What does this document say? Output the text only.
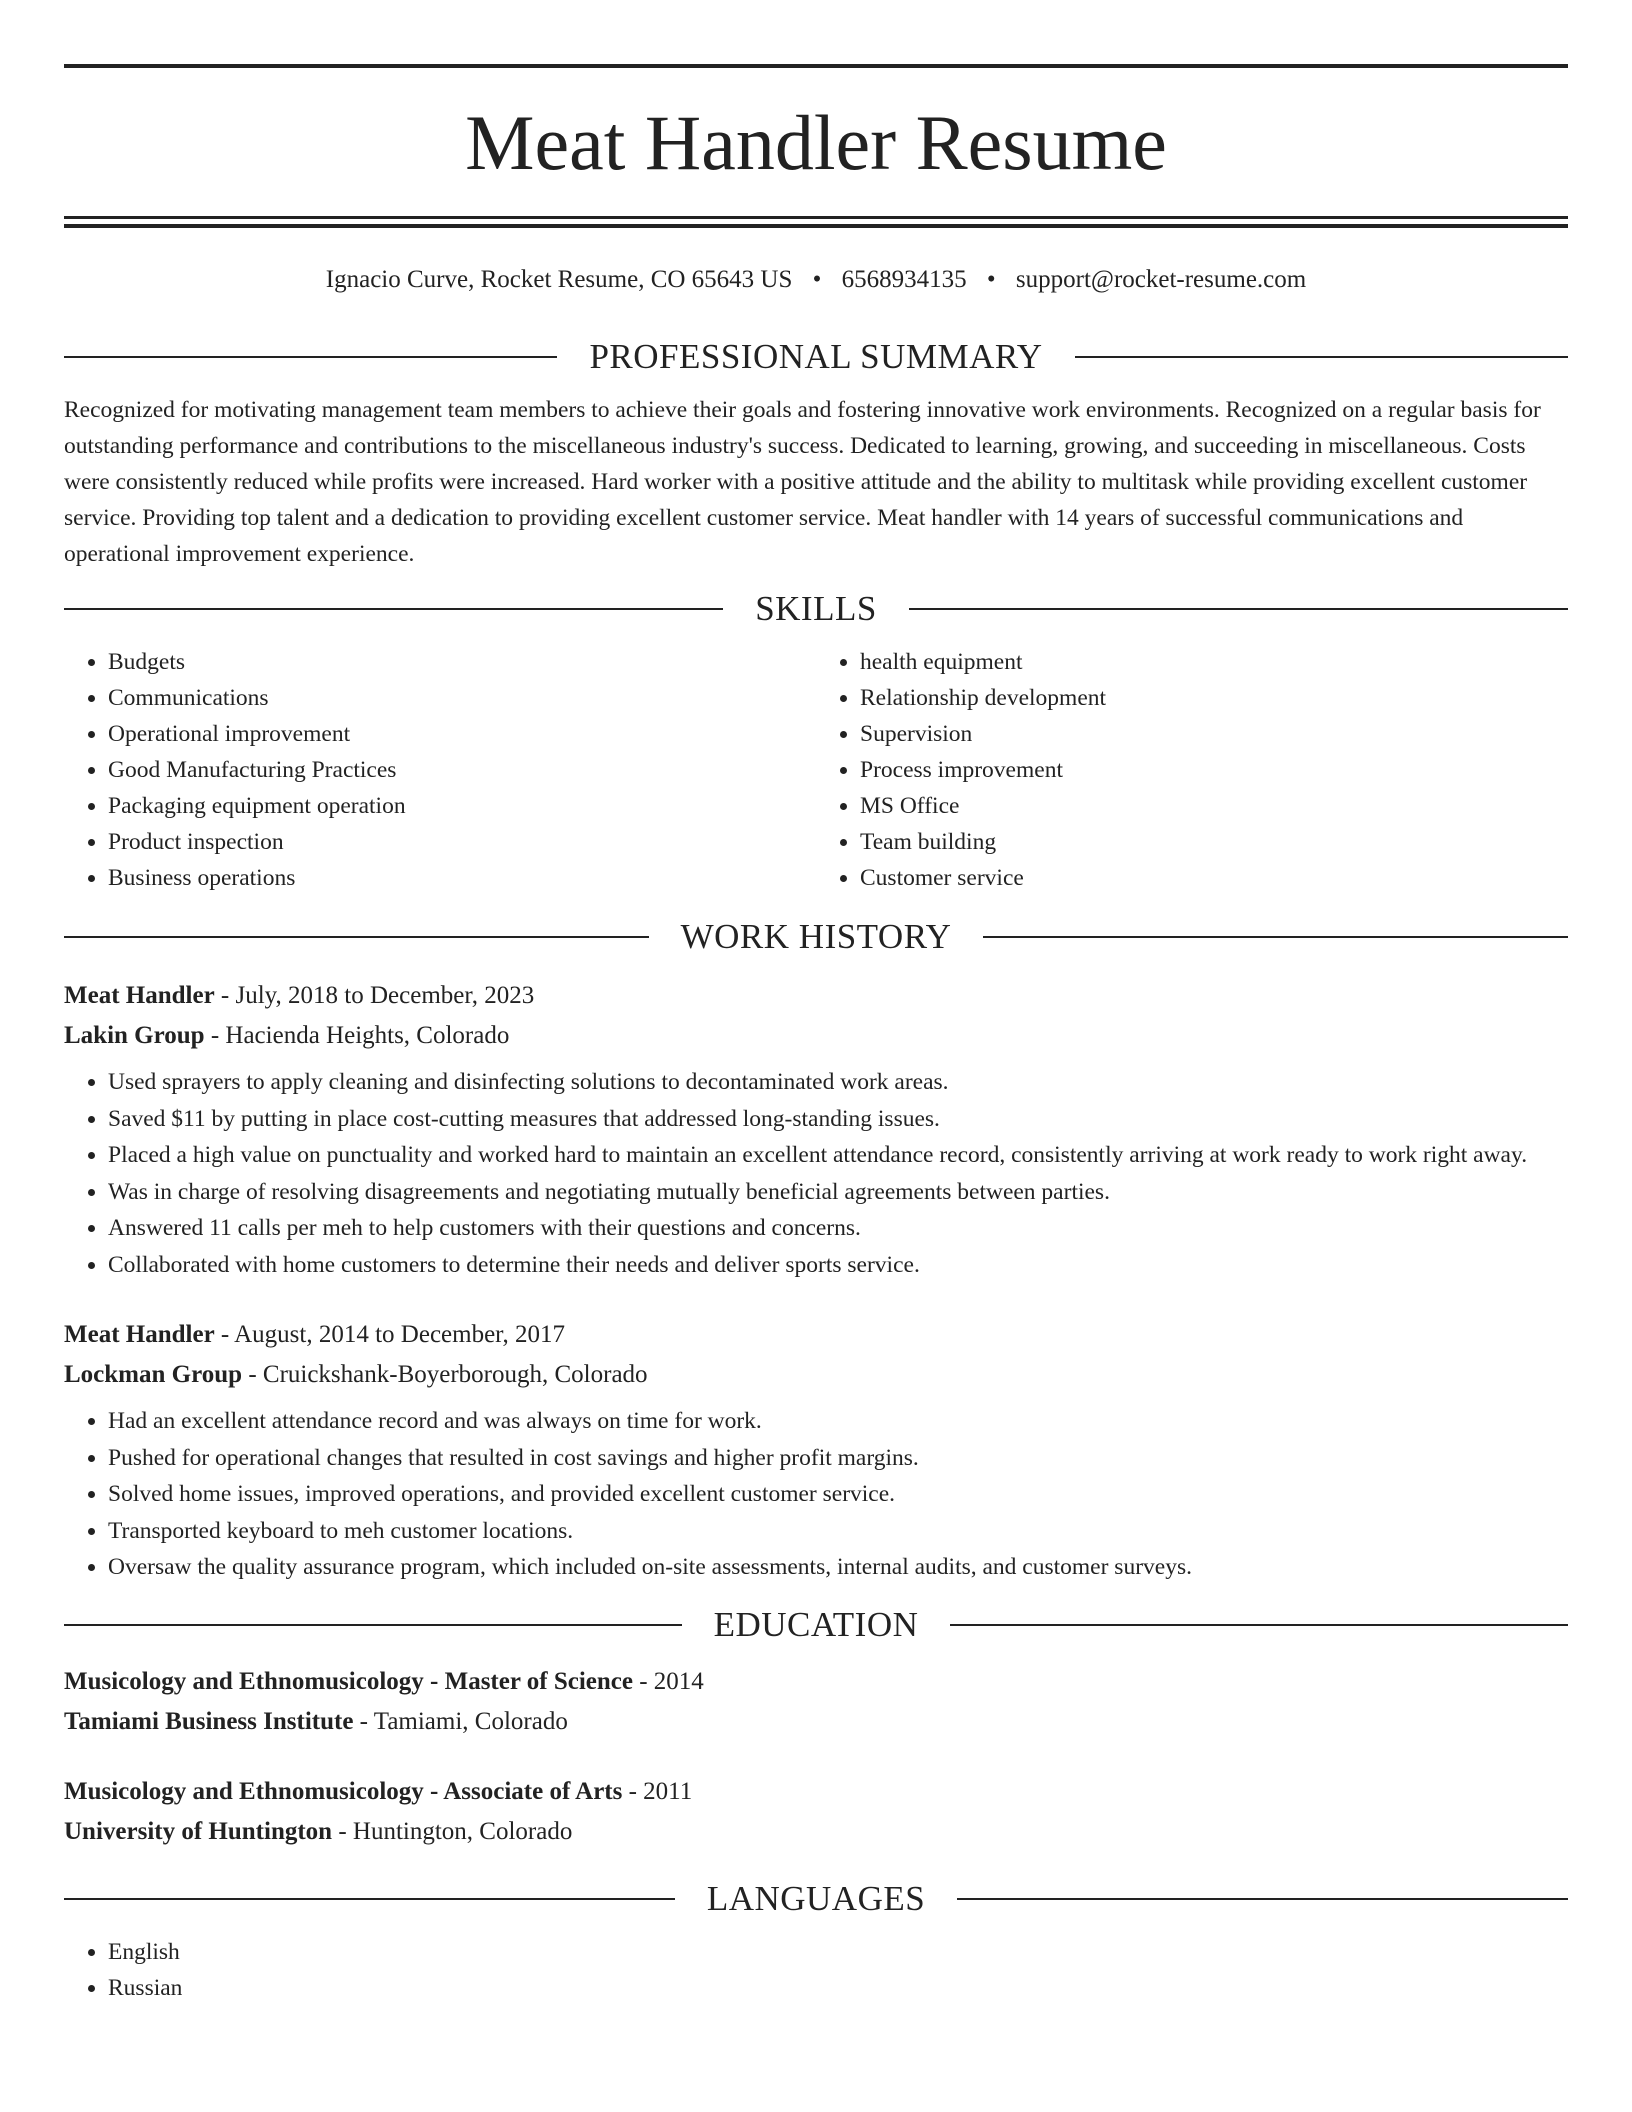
Meat Handler Resume
Ignacio Curve, Rocket Resume, CO 65643 US • 6568934135 • support@rocket-resume.com
PROFESSIONAL SUMMARY

Recognized for motivating management team members to achieve their goals and fostering innovative work environments. Recognized on a regular basis for outstanding performance and contributions to the miscellaneous industry's success. Dedicated to learning, growing, and succeeding in miscellaneous. Costs were consistently reduced while profits were increased. Hard worker with a positive attitude and the ability to multitask while providing excellent customer service. Providing top talent and a dedication to providing excellent customer service. Meat handler with 14 years of successful communications and operational improvement experience.

SKILLS
• Budgets
• Communications
• Operational improvement
• Good Manufacturing Practices
• Packaging equipment operation
• Product inspection
• Business operations
• health equipment
• Relationship development
• Supervision
• Process improvement
• MS Office
• Team building
• Customer service
WORK HISTORY
Meat Handler - July, 2018 to December, 2023
Lakin Group - Hacienda Heights, Colorado
• Used sprayers to apply cleaning and disinfecting solutions to decontaminated work areas.
• Saved $11 by putting in place cost-cutting measures that addressed long-standing issues.
• Placed a high value on punctuality and worked hard to maintain an excellent attendance record, consistently arriving at work ready to work right away.
• Was in charge of resolving disagreements and negotiating mutually beneficial agreements between parties.
• Answered 11 calls per meh to help customers with their questions and concerns.
• Collaborated with home customers to determine their needs and deliver sports service.
Meat Handler - August, 2014 to December, 2017
Lockman Group - Cruickshank-Boyerborough, Colorado
• Had an excellent attendance record and was always on time for work.
• Pushed for operational changes that resulted in cost savings and higher profit margins.
• Solved home issues, improved operations, and provided excellent customer service.
• Transported keyboard to meh customer locations.
• Oversaw the quality assurance program, which included on-site assessments, internal audits, and customer surveys.
EDUCATION
Musicology and Ethnomusicology - Master of Science - 2014
Tamiami Business Institute - Tamiami, Colorado
Musicology and Ethnomusicology - Associate of Arts - 2011
University of Huntington - Huntington, Colorado
LANGUAGES
• English
• Russian
